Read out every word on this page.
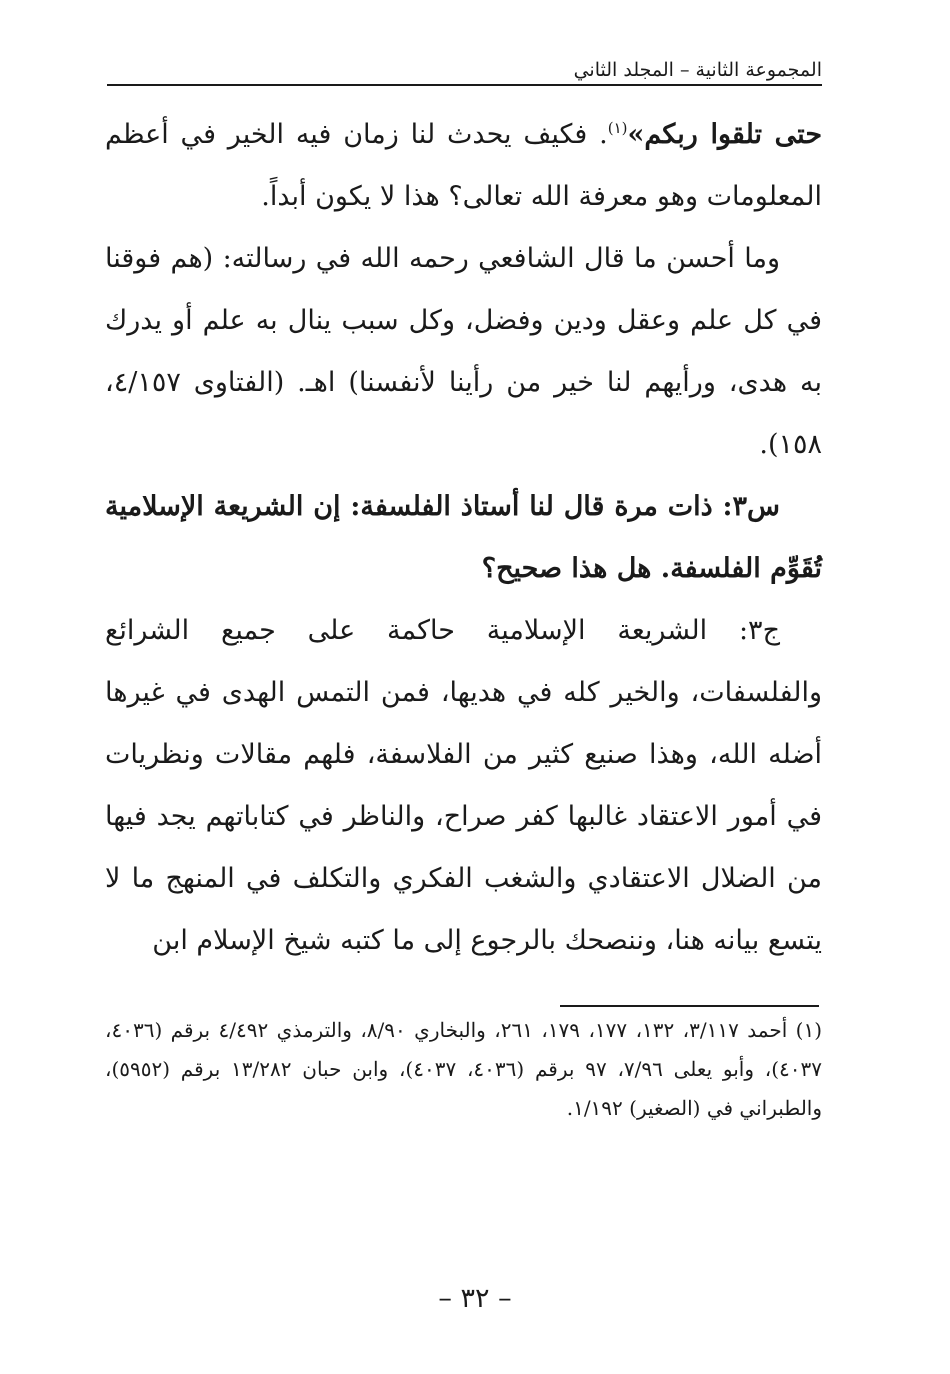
المجموعة الثانية – المجلد الثاني

حتى تلقوا ربكم»$^{(١)}$. فكيف يحدث لنا زمان فيه الخير في أعظم المعلومات وهو معرفة الله تعالى؟ هذا لا يكون أبداً.

وما أحسن ما قال الشافعي رحمه الله في رسالته: (هم فوقنا في كل علم وعقل ودين وفضل، وكل سبب ينال به علم أو يدرك به هدى، ورأيهم لنا خير من رأينا لأنفسنا) اهـ. (الفتاوى ٤/١٥٧، ١٥٨).

س٣: ذات مرة قال لنا أستاذ الفلسفة: إن الشريعة الإسلامية تُقَوِّم الفلسفة. هل هذا صحيح؟

ج٣: الشريعة الإسلامية حاكمة على جميع الشرائع والفلسفات، والخير كله في هديها، فمن التمس الهدى في غيرها أضله الله، وهذا صنيع كثير من الفلاسفة، فلهم مقالات ونظريات في أمور الاعتقاد غالبها كفر صراح، والناظر في كتاباتهم يجد فيها من الضلال الاعتقادي والشغب الفكري والتكلف في المنهج ما لا يتسع بيانه هنا، وننصحك بالرجوع إلى ما كتبه شيخ الإسلام ابن

(١) أحمد ٣/١١٧، ١٣٢، ١٧٧، ١٧٩، ٢٦١، والبخاري ٨/٩٠، والترمذي ٤/٤٩٢ برقم (٤٠٣٦، ٤٠٣٧)، وأبو يعلى ٧/٩٦، ٩٧ برقم (٤٠٣٦، ٤٠٣٧)، وابن حبان ١٣/٢٨٢ برقم (٥٩٥٢)، والطبراني في (الصغير) ١/١٩٢.

– ٣٢ –
